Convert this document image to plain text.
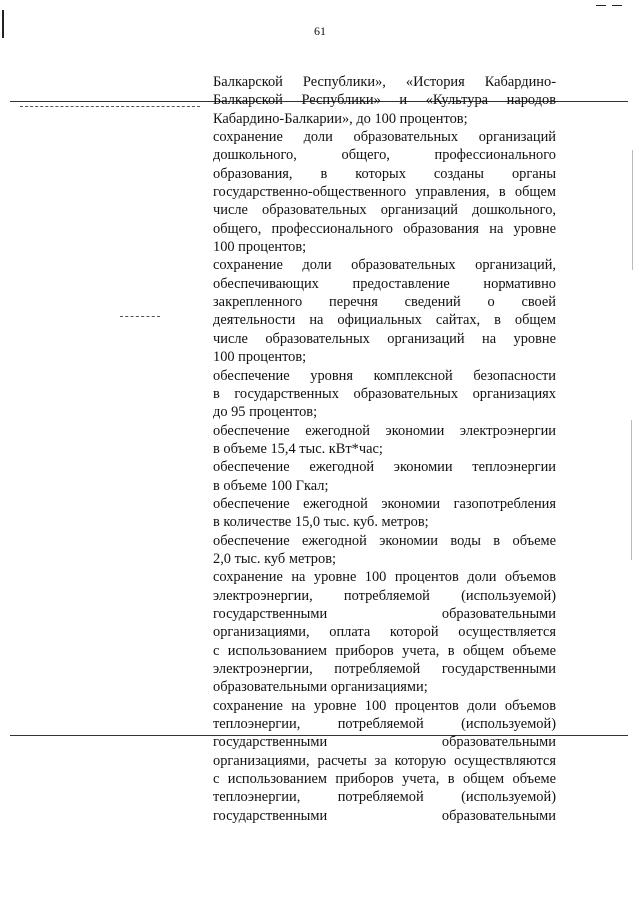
61
Балкарской Республики», «История Кабардино-
Балкарской Республики» и «Культура народов
Кабардино-Балкарии», до 100 процентов;
сохранение доли образовательных организаций
дошкольного, общего, профессионального
образования, в которых созданы органы
государственно-общественного управления, в общем
числе образовательных организаций дошкольного,
общего, профессионального образования на уровне
100 процентов;
сохранение доли образовательных организаций,
обеспечивающих предоставление нормативно
закрепленного перечня сведений о своей
деятельности на официальных сайтах, в общем
числе образовательных организаций на уровне
100 процентов;
обеспечение уровня комплексной безопасности
в государственных образовательных организациях
до 95 процентов;
обеспечение ежегодной экономии электроэнергии
в объеме 15,4 тыс. кВт*час;
обеспечение ежегодной экономии теплоэнергии
в объеме 100 Гкал;
обеспечение ежегодной экономии газопотребления
в количестве 15,0 тыс. куб. метров;
обеспечение ежегодной экономии воды в объеме
2,0 тыс. куб метров;
сохранение на уровне 100 процентов доли объемов
электроэнергии, потребляемой (используемой)
государственными образовательными
организациями, оплата которой осуществляется
с использованием приборов учета, в общем объеме
электроэнергии, потребляемой государственными
образовательными организациями;
сохранение на уровне 100 процентов доли объемов
теплоэнергии, потребляемой (используемой)
государственными образовательными
организациями, расчеты за которую осуществляются
с использованием приборов учета, в общем объеме
теплоэнергии, потребляемой (используемой)
государственными образовательными
